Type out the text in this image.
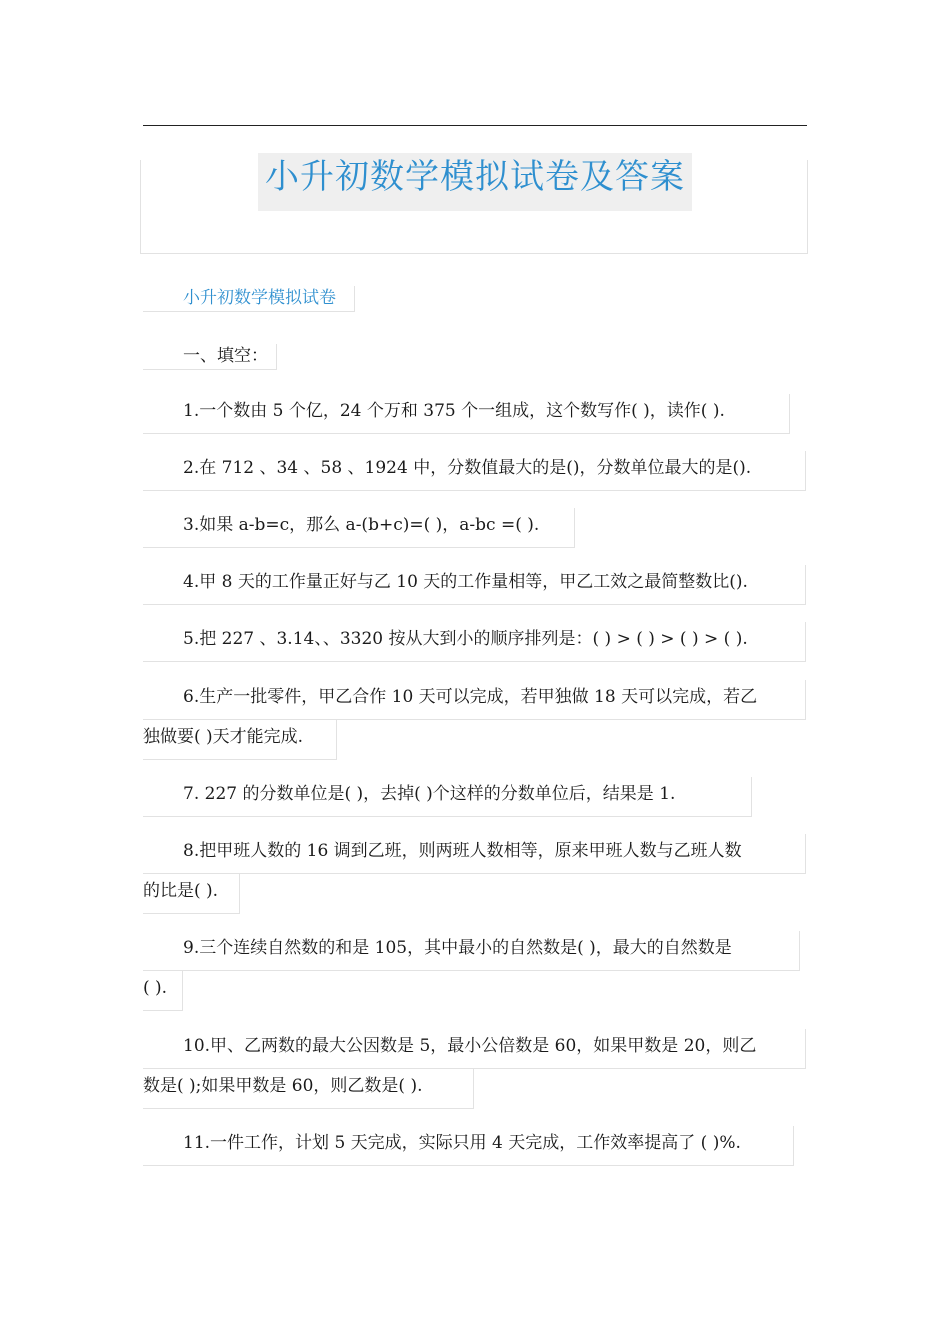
小升初数学模拟试卷及答案
小升初数学模拟试卷
一、填空：
1.一个数由 5 个亿，24 个万和 375 个一组成，这个数写作( )，读作( ).
2.在 712 、34 、58 、1924 中，分数值最大的是()，分数单位最大的是().
3.如果 a-b=c，那么 a-(b+c)=( )，a-bc =( ).
4.甲 8 天的工作量正好与乙 10 天的工作量相等，甲乙工效之最简整数比().
5.把 227 、3.14、、3320 按从大到小的顺序排列是：( ) > ( ) > ( ) > ( ).
6.生产一批零件，甲乙合作 10 天可以完成，若甲独做 18 天可以完成，若乙
独做要( )天才能完成.
7. 227 的分数单位是( )，去掉( )个这样的分数单位后，结果是 1.
8.把甲班人数的 16 调到乙班，则两班人数相等，原来甲班人数与乙班人数
的比是( ).
9.三个连续自然数的和是 105，其中最小的自然数是( )，最大的自然数是
( ).
10.甲、乙两数的最大公因数是 5，最小公倍数是 60，如果甲数是 20，则乙
数是( );如果甲数是 60，则乙数是( ).
11.一件工作，计划 5 天完成，实际只用 4 天完成，工作效率提高了 ( )%.
